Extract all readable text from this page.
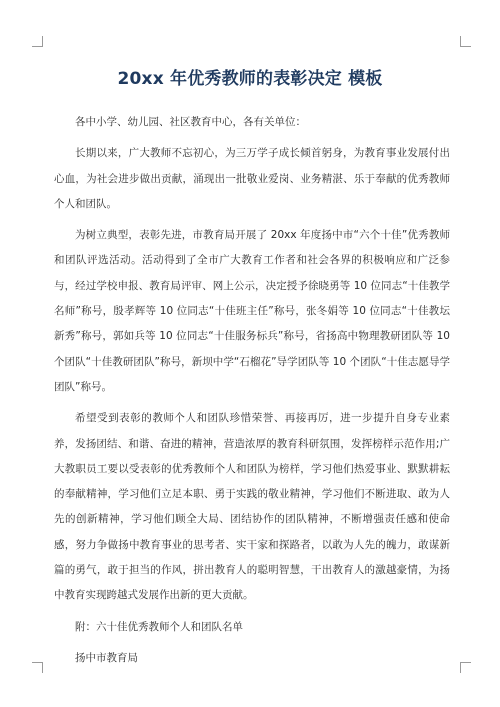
20xx 年优秀教师的表彰决定 模板

各中小学、幼儿园、社区教育中心，各有关单位：

长期以来，广大教师不忘初心，为三万学子成长倾首躬身，为教育事业发展付出心血，为社会进步做出贡献，涌现出一批敬业爱岗、业务精湛、乐于奉献的优秀教师个人和团队。

为树立典型，表彰先进，市教育局开展了 20xx 年度扬中市“六个十佳”优秀教师和团队评选活动。活动得到了全市广大教育工作者和社会各界的积极响应和广泛参与，经过学校申报、教育局评审、网上公示，决定授予徐晓勇等 10 位同志“十佳教学名师”称号，殷孝辉等 10 位同志“十佳班主任”称号，张冬娟等 10 位同志“十佳教坛新秀”称号，郭如兵等 10 位同志“十佳服务标兵”称号，省扬高中物理教研团队等 10 个团队“十佳教研团队”称号，新坝中学“石榴花”导学团队等 10 个团队“十佳志愿导学团队”称号。

希望受到表彰的教师个人和团队珍惜荣誉、再接再厉，进一步提升自身专业素养，发扬团结、和谐、奋进的精神，营造浓厚的教育科研氛围，发挥榜样示范作用;广大教职员工要以受表彰的优秀教师个人和团队为榜样，学习他们热爱事业、默默耕耘的奉献精神，学习他们立足本职、勇于实践的敬业精神，学习他们不断进取、敢为人先的创新精神，学习他们顾全大局、团结协作的团队精神，不断增强责任感和使命感，努力争做扬中教育事业的思考者、实干家和探路者，以敢为人先的魄力，敢谋新篇的勇气，敢于担当的作风，拼出教育人的聪明智慧，干出教育人的激越豪情，为扬中教育实现跨越式发展作出新的更大贡献。

附：六十佳优秀教师个人和团队名单

扬中市教育局
